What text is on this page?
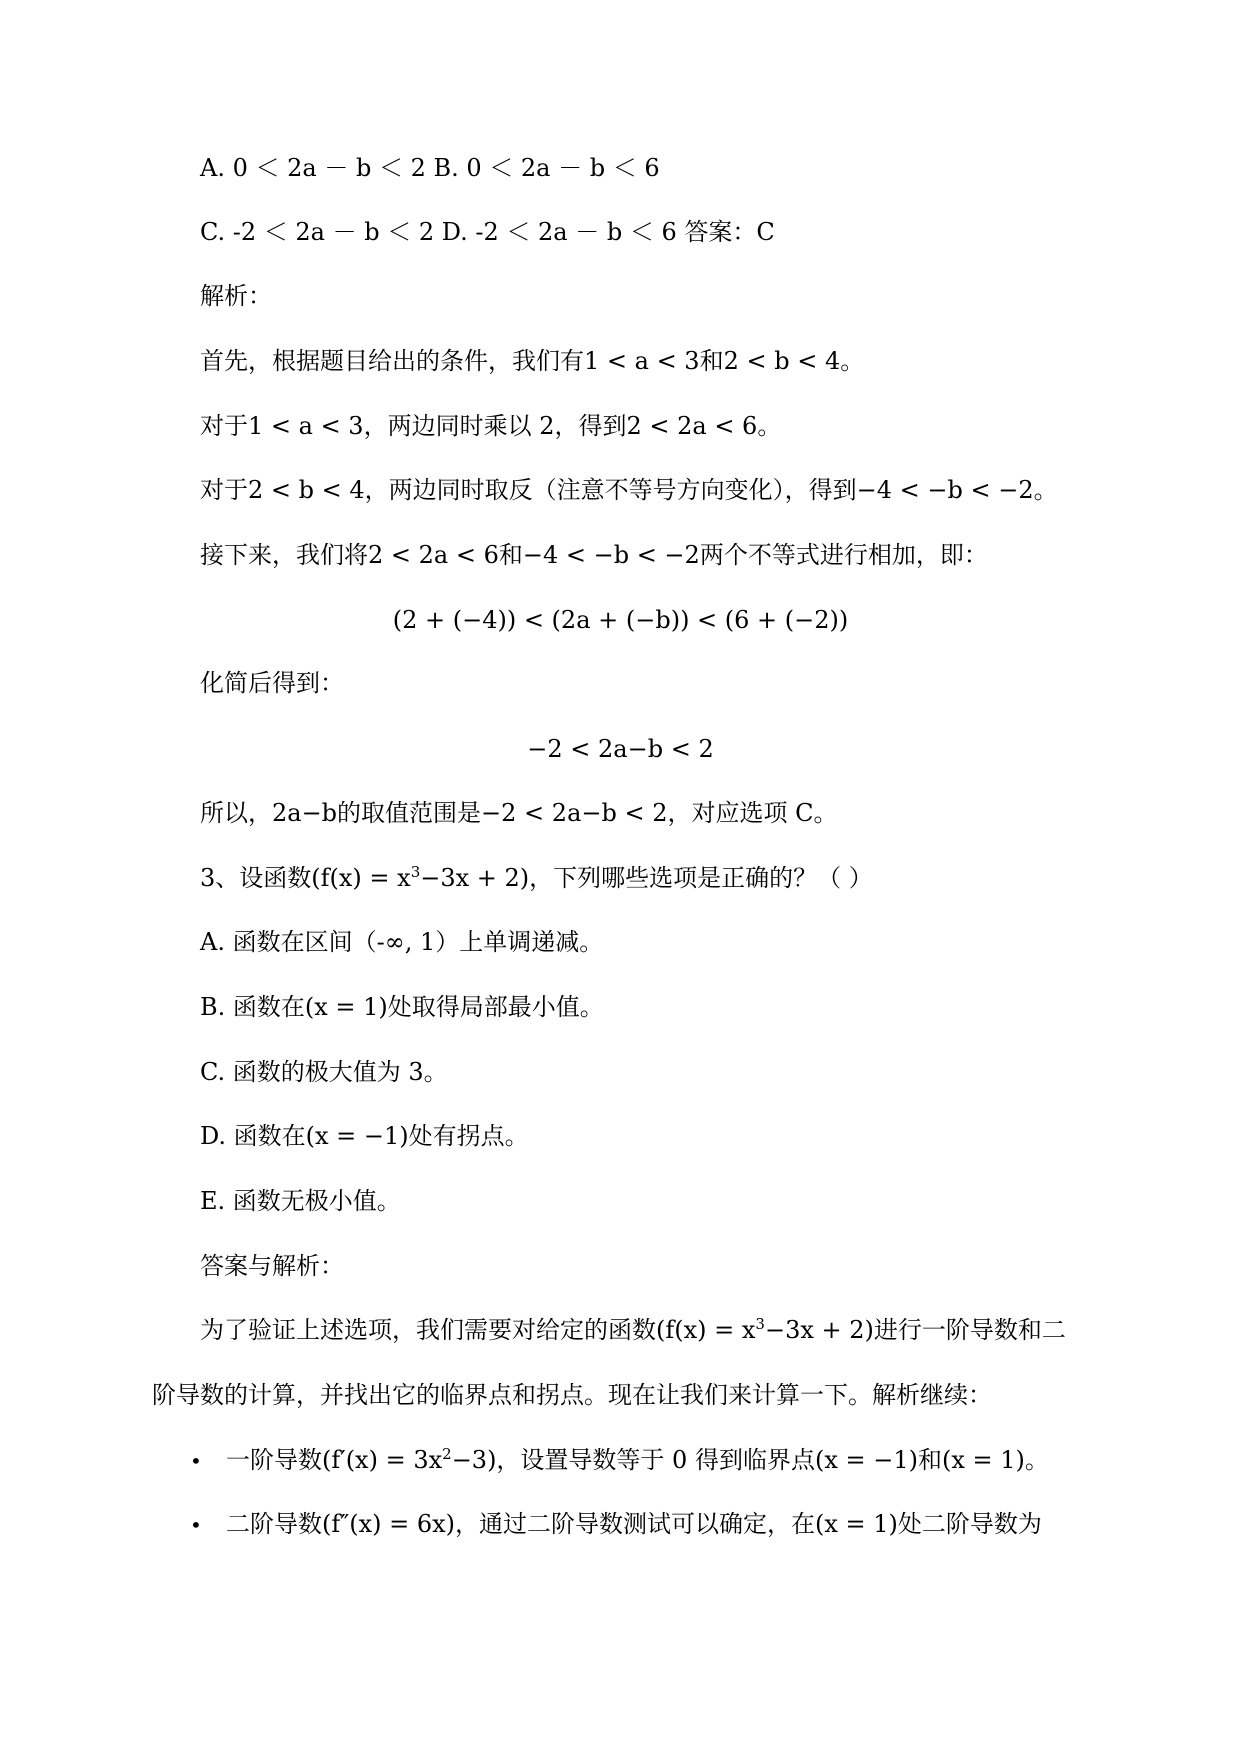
A. 0 ＜ 2a － b ＜ 2 B. 0 ＜ 2a － b ＜ 6
C. -2 ＜ 2a － b ＜ 2 D. -2 ＜ 2a － b ＜ 6 答案：C
解析：
首先，根据题目给出的条件，我们有1 < a < 3和2 < b < 4。
对于1 < a < 3，两边同时乘以 2，得到2 < 2a < 6。
对于2 < b < 4，两边同时取反（注意不等号方向变化），得到−4 < −b < −2。
接下来，我们将2 < 2a < 6和−4 < −b < −2两个不等式进行相加，即：
(2 + (−4)) < (2a + (−b)) < (6 + (−2))
化简后得到：
−2 < 2a−b < 2
所以，2a−b的取值范围是−2 < 2a−b < 2，对应选项 C。
3、设函数$(f(x) = x^3-3x + 2)$，下列哪些选项是正确的？（ ）
A. 函数在区间（-∞, 1）上单调递减。
B. 函数在(x = 1)处取得局部最小值。
C. 函数的极大值为 3。
D. 函数在(x = −1)处有拐点。
E. 函数无极小值。
答案与解析：
为了验证上述选项，我们需要对给定的函数$(f(x) = x^3-3x + 2)$进行一阶导数和二
阶导数的计算，并找出它的临界点和拐点。现在让我们来计算一下。解析继续：
• 一阶导数$(f'(x) = 3x^2-3)$，设置导数等于 0 得到临界点(x = −1)和(x = 1)。
• 二阶导数(f″(x) = 6x)，通过二阶导数测试可以确定，在(x = 1)处二阶导数为
